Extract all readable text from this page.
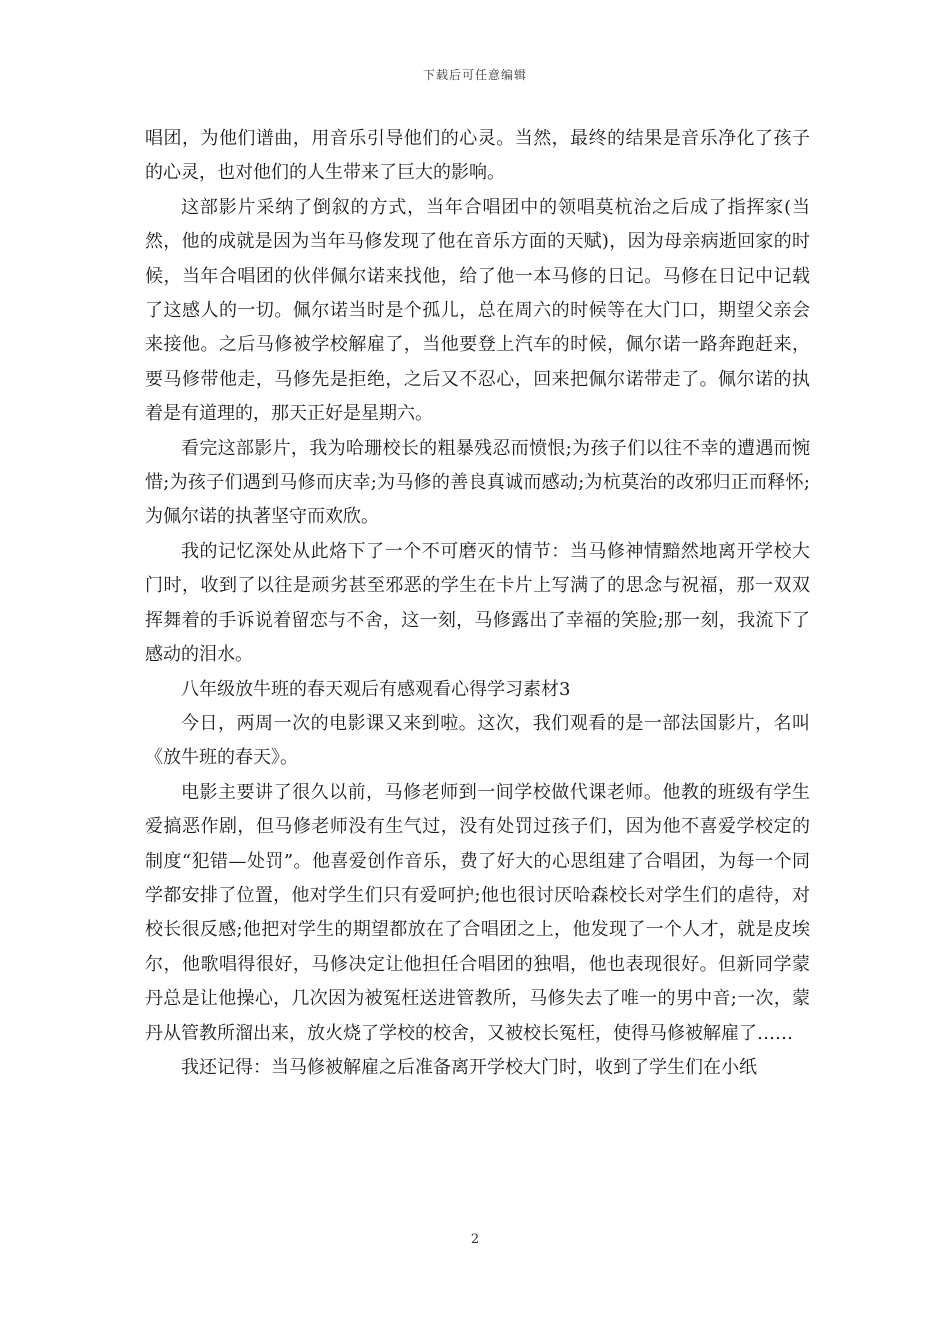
下载后可任意编辑

唱团，为他们谱曲，用音乐引导他们的心灵。当然，最终的结果是音乐净化了孩子的心灵，也对他们的人生带来了巨大的影响。

这部影片采纳了倒叙的方式，当年合唱团中的领唱莫杭治之后成了指挥家(当然，他的成就是因为当年马修发现了他在音乐方面的天赋)，因为母亲病逝回家的时候，当年合唱团的伙伴佩尔诺来找他，给了他一本马修的日记。马修在日记中记载了这感人的一切。佩尔诺当时是个孤儿，总在周六的时候等在大门口，期望父亲会来接他。之后马修被学校解雇了，当他要登上汽车的时候，佩尔诺一路奔跑赶来，要马修带他走，马修先是拒绝，之后又不忍心，回来把佩尔诺带走了。佩尔诺的执着是有道理的，那天正好是星期六。

看完这部影片，我为哈珊校长的粗暴残忍而愤恨;为孩子们以往不幸的遭遇而惋惜;为孩子们遇到马修而庆幸;为马修的善良真诚而感动;为杭莫治的改邪归正而释怀;为佩尔诺的执著坚守而欢欣。

我的记忆深处从此烙下了一个不可磨灭的情节：当马修神情黯然地离开学校大门时，收到了以往是顽劣甚至邪恶的学生在卡片上写满了的思念与祝福，那一双双挥舞着的手诉说着留恋与不舍，这一刻，马修露出了幸福的笑脸;那一刻，我流下了感动的泪水。

八年级放牛班的春天观后有感观看心得学习素材3

今日，两周一次的电影课又来到啦。这次，我们观看的是一部法国影片，名叫《放牛班的春天》。

电影主要讲了很久以前，马修老师到一间学校做代课老师。他教的班级有学生爱搞恶作剧，但马修老师没有生气过，没有处罚过孩子们，因为他不喜爱学校定的制度“犯错—处罚”。他喜爱创作音乐，费了好大的心思组建了合唱团，为每一个同学都安排了位置，他对学生们只有爱呵护;他也很讨厌哈森校长对学生们的虐待，对校长很反感;他把对学生的期望都放在了合唱团之上，他发现了一个人才，就是皮埃尔，他歌唱得很好，马修决定让他担任合唱团的独唱，他也表现很好。但新同学蒙丹总是让他操心，几次因为被冤枉送进管教所，马修失去了唯一的男中音;一次，蒙丹从管教所溜出来，放火烧了学校的校舍，又被校长冤枉，使得马修被解雇了……

我还记得：当马修被解雇之后准备离开学校大门时，收到了学生们在小纸

2
